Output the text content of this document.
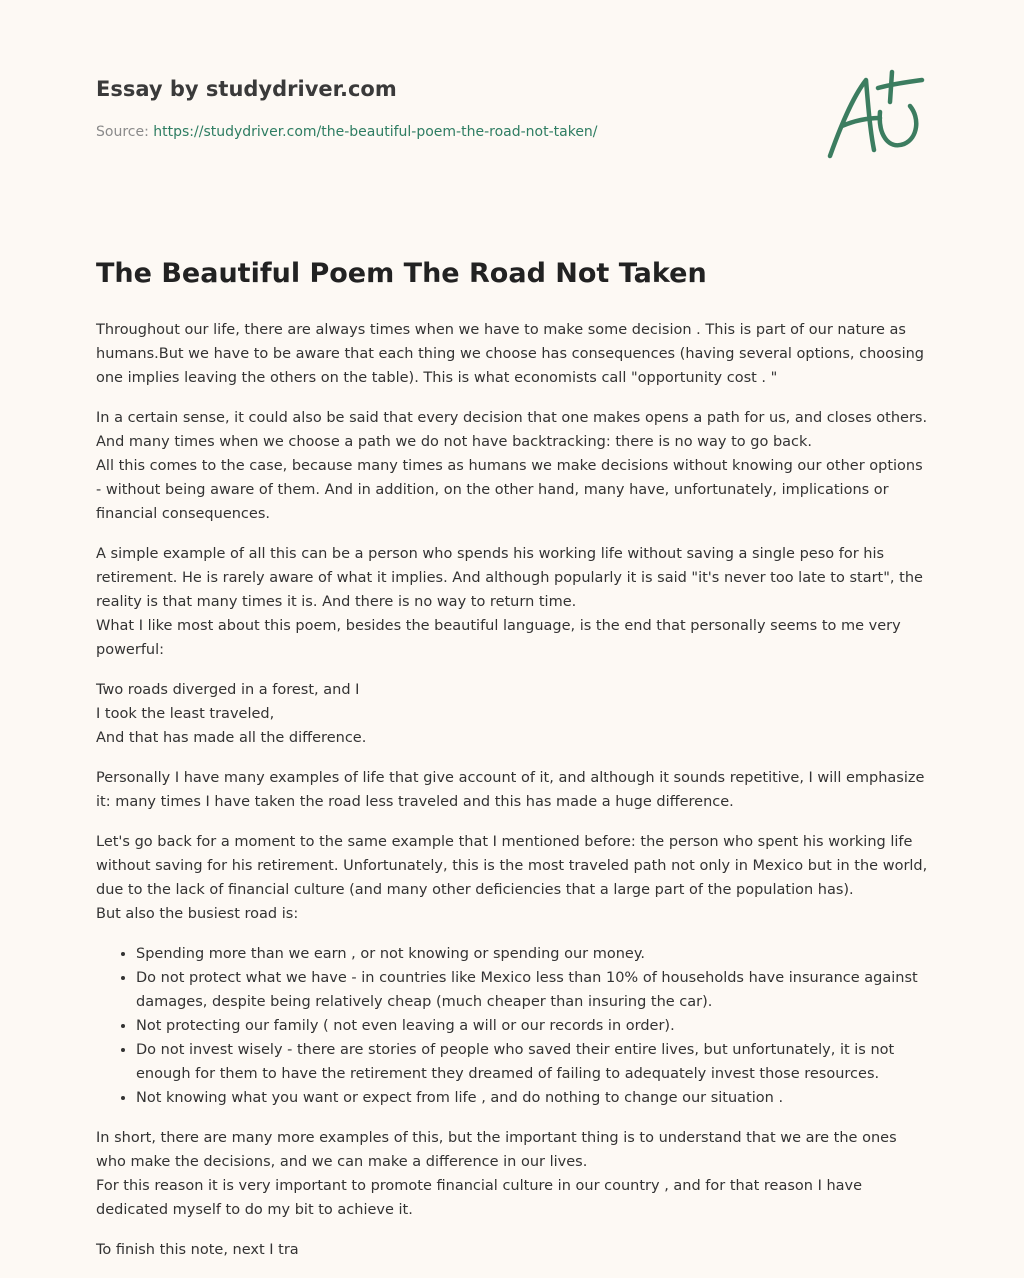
Essay by studydriver.com

Source: https://studydriver.com/the-beautiful-poem-the-road-not-taken/
The Beautiful Poem The Road Not Taken

Throughout our life, there are always times when we have to make some decision . This is part of our nature as humans.But we have to be aware that each thing we choose has consequences (having several options, choosing one implies leaving the others on the table). This is what economists call "opportunity cost . "

In a certain sense, it could also be said that every decision that one makes opens a path for us, and closes others. And many times when we choose a path we do not have backtracking: there is no way to go back.
All this comes to the case, because many times as humans we make decisions without knowing our other options - without being aware of them. And in addition, on the other hand, many have, unfortunately, implications or financial consequences.

A simple example of all this can be a person who spends his working life without saving a single peso for his retirement. He is rarely aware of what it implies. And although popularly it is said "it's never too late to start", the reality is that many times it is. And there is no way to return time.
What I like most about this poem, besides the beautiful language, is the end that personally seems to me very powerful:

Two roads diverged in a forest, and I
I took the least traveled,
And that has made all the difference.

Personally I have many examples of life that give account of it, and although it sounds repetitive, I will emphasize it: many times I have taken the road less traveled and this has made a huge difference.

Let's go back for a moment to the same example that I mentioned before: the person who spent his working life without saving for his retirement. Unfortunately, this is the most traveled path not only in Mexico but in the world, due to the lack of financial culture (and many other deficiencies that a large part of the population has).
But also the busiest road is:

• Spending more than we earn , or not knowing or spending our money.
• Do not protect what we have - in countries like Mexico less than 10% of households have insurance against damages, despite being relatively cheap (much cheaper than insuring the car).
• Not protecting our family ( not even leaving a will or our records in order).
• Do not invest wisely - there are stories of people who saved their entire lives, but unfortunately, it is not enough for them to have the retirement they dreamed of failing to adequately invest those resources.
• Not knowing what you want or expect from life , and do nothing to change our situation .

In short, there are many more examples of this, but the important thing is to understand that we are the ones who make the decisions, and we can make a difference in our lives.
For this reason it is very important to promote financial culture in our country , and for that reason I have dedicated myself to do my bit to achieve it.

To finish this note, next I tra
